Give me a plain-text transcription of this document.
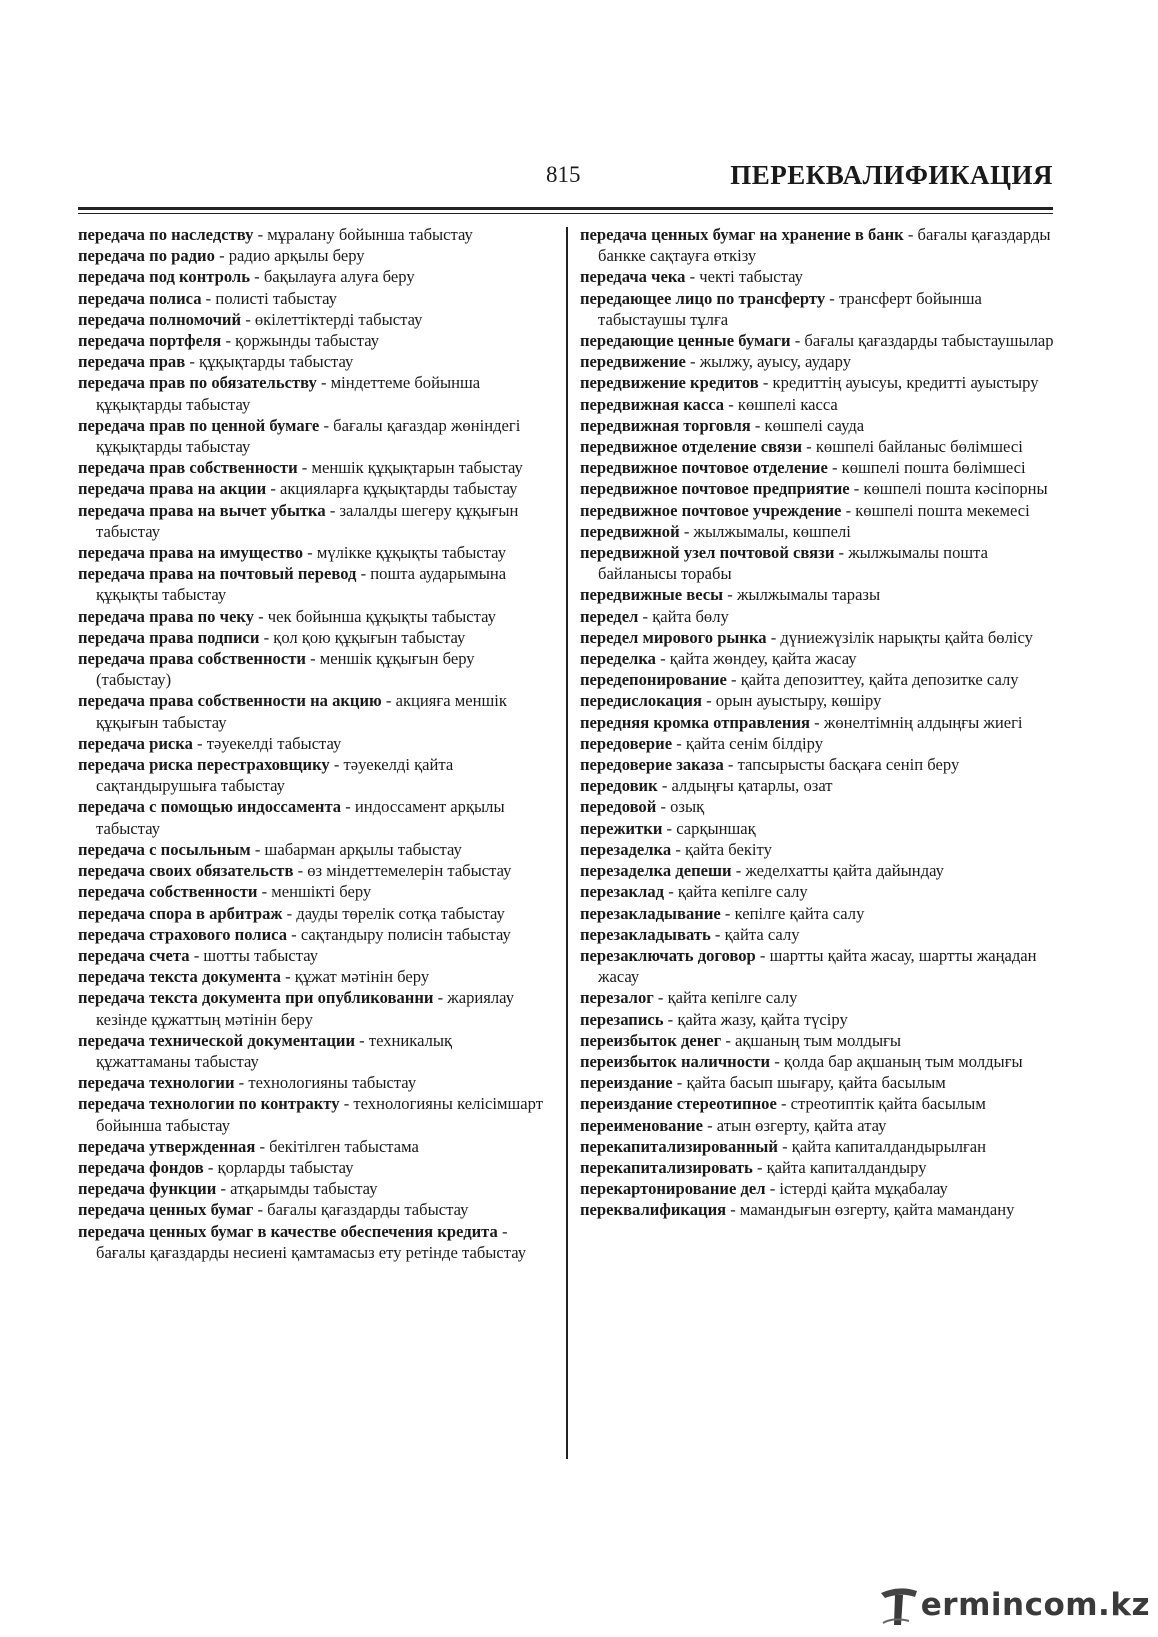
815	ПЕРЕКВАЛИФИКАЦИЯ

передача по наследству - мұралану бойынша табыстау

передача по радио - радио арқылы беру

передача под контроль - бақылауға алуға беру

передача полиса - полисті табыстау

передача полномочий - өкілеттіктерді табыстау

передача портфеля - қоржынды табыстау

передача прав - құқықтарды табыстау

передача прав по обязательству - міндеттеме бойынша құқықтарды табыстау

передача прав по ценной бумаге - бағалы қағаздар жөніндегі құқықтарды табыстау

передача прав собственности - меншік құқықтарын табыстау

передача права на акции - акцияларға құқықтарды табыстау

передача права на вычет убытка - залалды шегеру құқығын табыстау

передача права на имущество - мүлікке құқықты табыстау

передача права на почтовый перевод - пошта аударымына құқықты табыстау

передача права по чеку - чек бойынша құқықты табыстау

передача права подписи - қол қою құқығын табыстау

передача права собственности - меншік құқығын беру (табыстау)

передача права собственности на акцию - акцияға меншік құқығын табыстау

передача риска - тәуекелді табыстау

передача риска перестраховщику - тәуекелді қайта сақтандырушыға табыстау

передача с помощью индоссамента - индоссамент арқылы табыстау

передача с посыльным - шабарман арқылы табыстау

передача своих обязательств - өз міндеттемелерін табыстау

передача собственности - меншікті беру

передача спора в арбитраж - дауды төрелік сотқа табыстау

передача страхового полиса - сақтандыру полисін табыстау

передача счета - шотты табыстау

передача текста документа - құжат мәтінін беру

передача текста документа при опубликованни - жариялау кезінде құжаттың мәтінін беру

передача технической документации - техникалық құжаттаманы табыстау

передача технологии - технологияны табыстау

передача технологии по контракту - технологияны келісімшарт бойынша табыстау

передача утвержденная - бекітілген табыстама

передача фондов - қорларды табыстау

передача функции - атқарымды табыстау

передача ценных бумаг - бағалы қағаздарды табыстау

передача ценных бумаг в качестве обеспечения кредита - бағалы қағаздарды несиені қамтамасыз ету ретінде табыстау

передача ценных бумаг на хранение в банк - бағалы қағаздарды банкке сақтауға өткізу

передача чека - чекті табыстау

передающее лицо по трансферту - трансферт бойынша табыстаушы тұлға

передающие ценные бумаги - бағалы қағаздарды табыстаушылар

передвижение - жылжу, ауысу, аудару

передвижение кредитов - кредиттің ауысуы, кредитті ауыстыру

передвижная касса - көшпелі касса

передвижная торговля - көшпелі сауда

передвижное отделение связи - көшпелі байланыс бөлімшесі

передвижное почтовое отделение - көшпелі пошта бөлімшесі

передвижное почтовое предприятие - көшпелі пошта кәсіпорны

передвижное почтовое учреждение - көшпелі пошта мекемесі

передвижной - жылжымалы, көшпелі

передвижной узел почтовой связи - жылжымалы пошта байланысы торабы

передвижные весы - жылжымалы таразы

передел - қайта бөлу

передел мирового рынка - дүниежүзілік нарықты қайта бөлісу

переделка - қайта жөндеу, қайта жасау

передепонирование - қайта депозиттеу, қайта депозитке салу

передислокация - орын ауыстыру, көшіру

передняя кромка отправления - жөнелтімнің алдыңғы жиегі

передоверие - қайта сенім білдіру

передоверие заказа - тапсырысты басқаға сеніп беру

передовик - алдыңғы қатарлы, озат

передовой - озық

пережитки - сарқыншақ

перезаделка - қайта бекіту

перезаделка депеши - жеделхатты қайта дайындау

перезаклад - қайта кепілге салу

перезакладывание - кепілге қайта салу

перезакладывать - қайта салу

перезаключать договор - шартты қайта жасау, шартты жаңадан жасау

перезалог - қайта кепілге салу

перезапись - қайта жазу, қайта түсіру

переизбыток денег - ақшаның тым молдығы

переизбыток наличности - қолда бар ақшаның тым молдығы

переиздание - қайта басып шығару, қайта басылым

переиздание стереотипное - стреотиптік қайта басылым

переименование - атын өзгерту, қайта атау

перекапитализированный - қайта капиталдандырылған

перекапитализировать - қайта капиталдандыру

перекартонирование дел - істерді қайта мұқабалау

переквалификация - мамандығын өзгерту, қайта мамандану

ermincom.kz
